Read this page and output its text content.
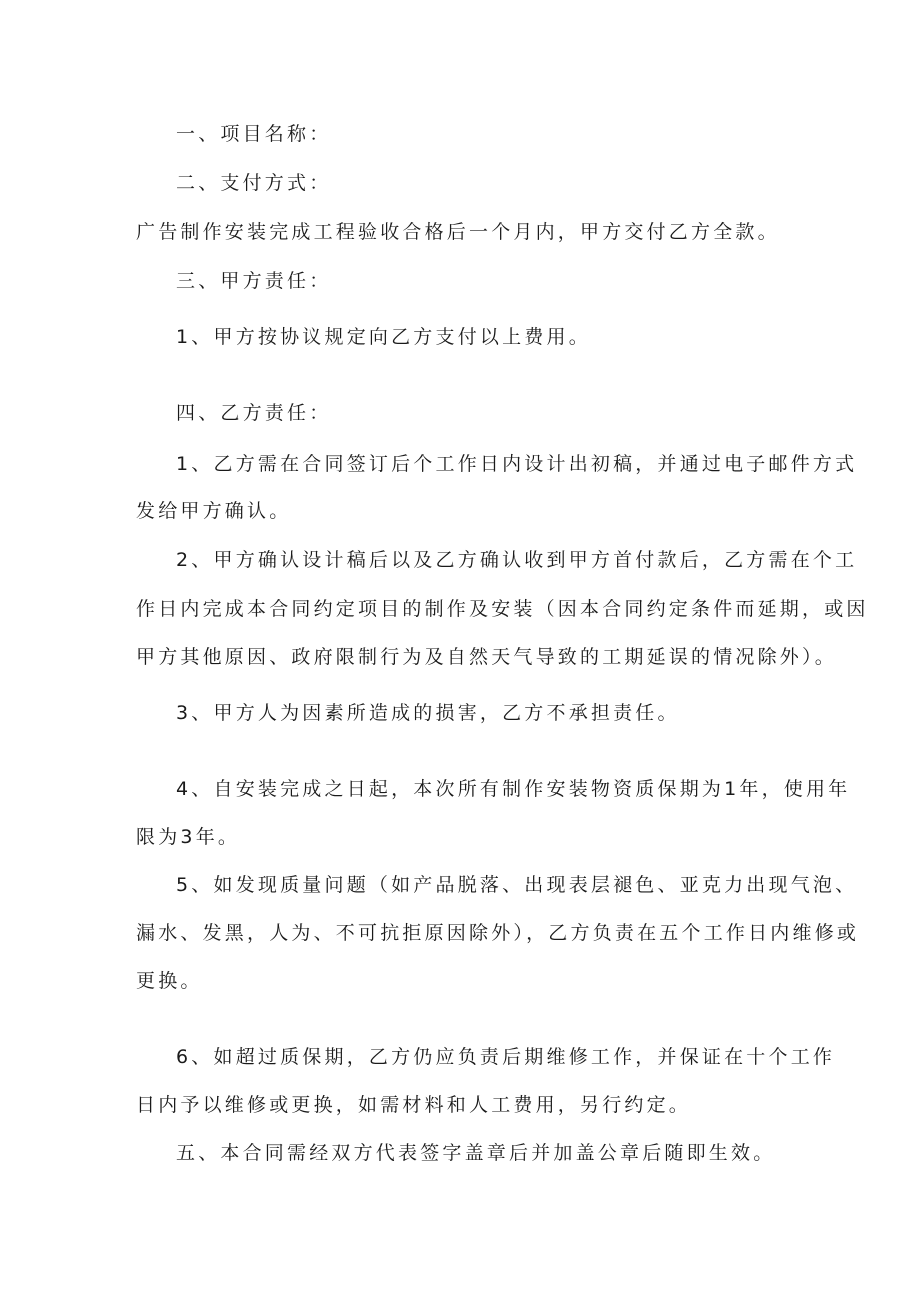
一、项目名称：
二、支付方式：
广告制作安装完成工程验收合格后一个月内，甲方交付乙方全款。
三、甲方责任：
1、甲方按协议规定向乙方支付以上费用。
四、乙方责任：
1、乙方需在合同签订后个工作日内设计出初稿，并通过电子邮件方式
发给甲方确认。
2、甲方确认设计稿后以及乙方确认收到甲方首付款后，乙方需在个工
作日内完成本合同约定项目的制作及安装（因本合同约定条件而延期，或因
甲方其他原因、政府限制行为及自然天气导致的工期延误的情况除外）。
3、甲方人为因素所造成的损害，乙方不承担责任。
4、自安装完成之日起，本次所有制作安装物资质保期为1年，使用年
限为3年。
5、如发现质量问题（如产品脱落、出现表层褪色、亚克力出现气泡、
漏水、发黑，人为、不可抗拒原因除外），乙方负责在五个工作日内维修或
更换。
6、如超过质保期，乙方仍应负责后期维修工作，并保证在十个工作
日内予以维修或更换，如需材料和人工费用，另行约定。
五、本合同需经双方代表签字盖章后并加盖公章后随即生效。
